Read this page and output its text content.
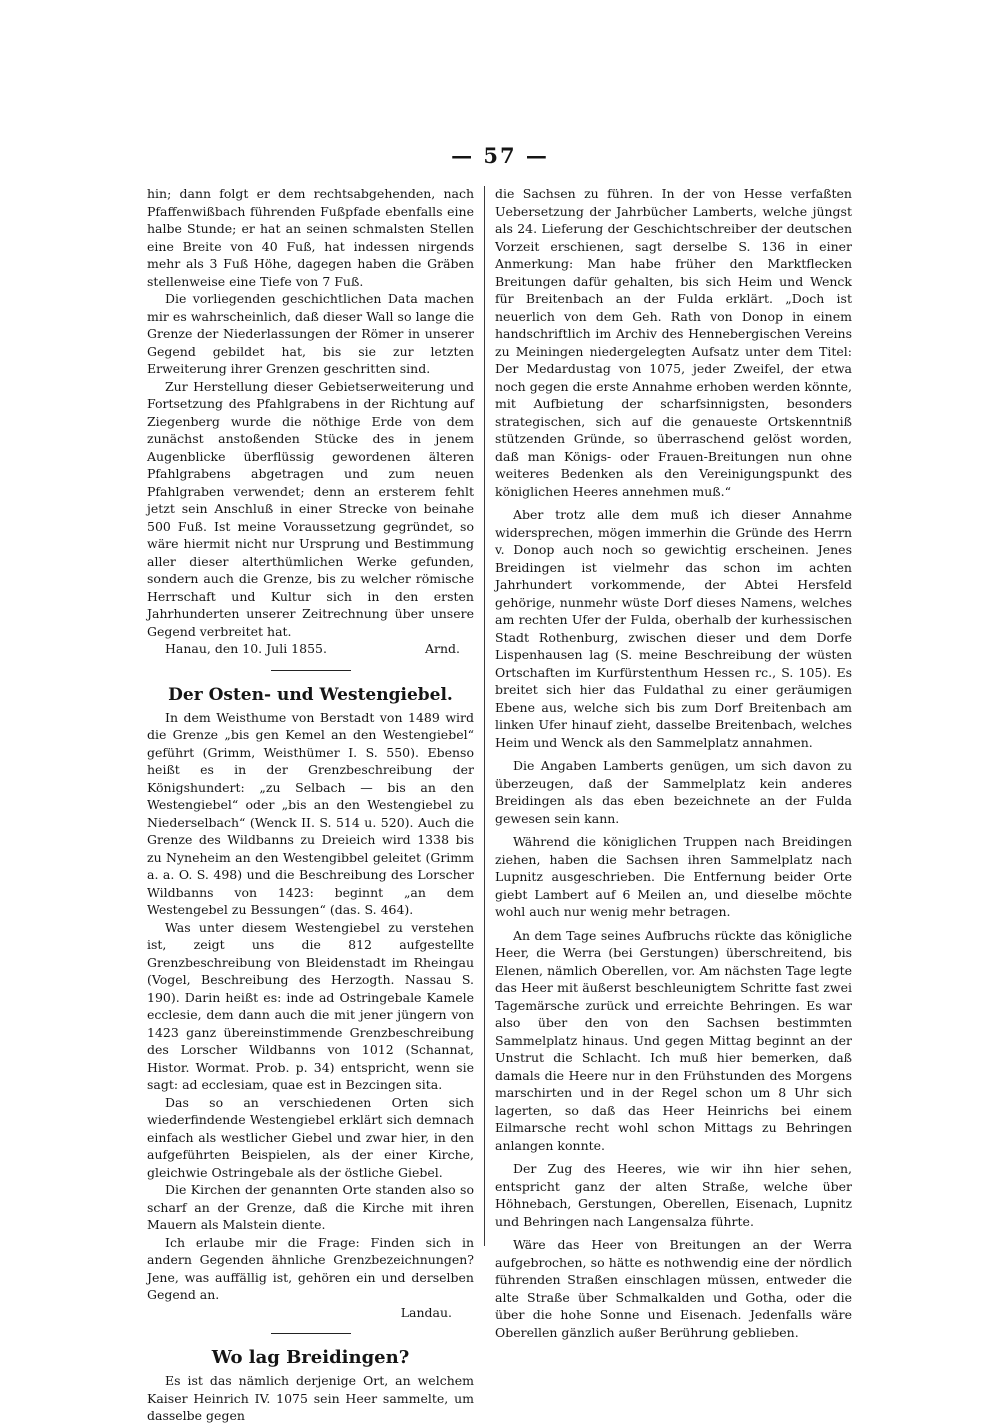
— 57 —

hin; dann folgt er dem rechtsabgehenden, nach Pfaffenwißbach führenden Fußpfade ebenfalls eine halbe Stunde; er hat an seinen schmalsten Stellen eine Breite von 40 Fuß, hat indessen nirgends mehr als 3 Fuß Höhe, dagegen haben die Gräben stellenweise eine Tiefe von 7 Fuß.

Die vorliegenden geschichtlichen Data machen mir es wahrscheinlich, daß dieser Wall so lange die Grenze der Niederlassungen der Römer in unserer Gegend gebildet hat, bis sie zur letzten Erweiterung ihrer Grenzen geschritten sind.

Zur Herstellung dieser Gebietserweiterung und Fortsetzung des Pfahlgrabens in der Richtung auf Ziegenberg wurde die nöthige Erde von dem zunächst anstoßenden Stücke des in jenem Augenblicke überflüssig gewordenen älteren Pfahlgrabens abgetragen und zum neuen Pfahlgraben verwendet; denn an ersterem fehlt jetzt sein Anschluß in einer Strecke von beinahe 500 Fuß. Ist meine Voraussetzung gegründet, so wäre hiermit nicht nur Ursprung und Bestimmung aller dieser alterthümlichen Werke gefunden, sondern auch die Grenze, bis zu welcher römische Herrschaft und Kultur sich in den ersten Jahrhunderten unserer Zeitrechnung über unsere Gegend verbreitet hat.

Hanau, den 10. Juli 1855.	Arnd.
Der Osten- und Westengiebel.

In dem Weisthume von Berstadt von 1489 wird die Grenze „bis gen Kemel an den Westengiebel“ geführt (Grimm, Weisthümer I. S. 550). Ebenso heißt es in der Grenzbeschreibung der Königshundert: „zu Selbach — bis an den Westengiebel“ oder „bis an den Westengiebel zu Niederselbach“ (Wenck II. S. 514 u. 520). Auch die Grenze des Wildbanns zu Dreieich wird 1338 bis zu Nyneheim an den Westengibbel geleitet (Grimm a. a. O. S. 498) und die Beschreibung des Lorscher Wildbanns von 1423: beginnt „an dem Westengebel zu Bessungen“ (das. S. 464).

Was unter diesem Westengiebel zu verstehen ist, zeigt uns die 812 aufgestellte Grenzbeschreibung von Bleidenstadt im Rheingau (Vogel, Beschreibung des Herzogth. Nassau S. 190). Darin heißt es: inde ad Ostringebale Kamele ecclesie, dem dann auch die mit jener jüngern von 1423 ganz übereinstimmende Grenzbeschreibung des Lorscher Wildbanns von 1012 (Schannat, Histor. Wormat. Prob. p. 34) entspricht, wenn sie sagt: ad ecclesiam, quae est in Bezcingen sita.

Das so an verschiedenen Orten sich wiederfindende Westengiebel erklärt sich demnach einfach als westlicher Giebel und zwar hier, in den aufgeführten Beispielen, als der einer Kirche, gleichwie Ostringebale als der östliche Giebel.

Die Kirchen der genannten Orte standen also so scharf an der Grenze, daß die Kirche mit ihren Mauern als Malstein diente.

Ich erlaube mir die Frage: Finden sich in andern Gegenden ähnliche Grenzbezeichnungen? Jene, was auffällig ist, gehören ein und derselben Gegend an.

Landau.

Wo lag Breidingen?

Es ist das nämlich derjenige Ort, an welchem Kaiser Heinrich IV. 1075 sein Heer sammelte, um dasselbe gegen

die Sachsen zu führen. In der von Hesse verfaßten Uebersetzung der Jahrbücher Lamberts, welche jüngst als 24. Lieferung der Geschichtschreiber der deutschen Vorzeit erschienen, sagt derselbe S. 136 in einer Anmerkung: Man habe früher den Marktflecken Breitungen dafür gehalten, bis sich Heim und Wenck für Breitenbach an der Fulda erklärt. „Doch ist neuerlich von dem Geh. Rath von Donop in einem handschriftlich im Archiv des Hennebergischen Vereins zu Meiningen niedergelegten Aufsatz unter dem Titel: Der Medardustag von 1075, jeder Zweifel, der etwa noch gegen die erste Annahme erhoben werden könnte, mit Aufbietung der scharfsinnigsten, besonders strategischen, sich auf die genaueste Ortskenntniß stützenden Gründe, so überraschend gelöst worden, daß man Königs- oder Frauen-Breitungen nun ohne weiteres Bedenken als den Vereinigungspunkt des königlichen Heeres annehmen muß.“

Aber trotz alle dem muß ich dieser Annahme widersprechen, mögen immerhin die Gründe des Herrn v. Donop auch noch so gewichtig erscheinen. Jenes Breidingen ist vielmehr das schon im achten Jahrhundert vorkommende, der Abtei Hersfeld gehörige, nunmehr wüste Dorf dieses Namens, welches am rechten Ufer der Fulda, oberhalb der kurhessischen Stadt Rothenburg, zwischen dieser und dem Dorfe Lispenhausen lag (S. meine Beschreibung der wüsten Ortschaften im Kurfürstenthum Hessen rc., S. 105). Es breitet sich hier das Fuldathal zu einer geräumigen Ebene aus, welche sich bis zum Dorf Breitenbach am linken Ufer hinauf zieht, dasselbe Breitenbach, welches Heim und Wenck als den Sammelplatz annahmen.

Die Angaben Lamberts genügen, um sich davon zu überzeugen, daß der Sammelplatz kein anderes Breidingen als das eben bezeichnete an der Fulda gewesen sein kann.

Während die königlichen Truppen nach Breidingen ziehen, haben die Sachsen ihren Sammelplatz nach Lupnitz ausgeschrieben. Die Entfernung beider Orte giebt Lambert auf 6 Meilen an, und dieselbe möchte wohl auch nur wenig mehr betragen.

An dem Tage seines Aufbruchs rückte das königliche Heer, die Werra (bei Gerstungen) überschreitend, bis Elenen, nämlich Oberellen, vor. Am nächsten Tage legte das Heer mit äußerst beschleunigtem Schritte fast zwei Tagemärsche zurück und erreichte Behringen. Es war also über den von den Sachsen bestimmten Sammelplatz hinaus. Und gegen Mittag beginnt an der Unstrut die Schlacht. Ich muß hier bemerken, daß damals die Heere nur in den Frühstunden des Morgens marschirten und in der Regel schon um 8 Uhr sich lagerten, so daß das Heer Heinrichs bei einem Eilmarsche recht wohl schon Mittags zu Behringen anlangen konnte.

Der Zug des Heeres, wie wir ihn hier sehen, entspricht ganz der alten Straße, welche über Höhnebach, Gerstungen, Oberellen, Eisenach, Lupnitz und Behringen nach Langensalza führte.

Wäre das Heer von Breitungen an der Werra aufgebrochen, so hätte es nothwendig eine der nördlich führenden Straßen einschlagen müssen, entweder die alte Straße über Schmalkalden und Gotha, oder die über die hohe Sonne und Eisenach. Jedenfalls wäre Oberellen gänzlich außer Berührung geblieben.
